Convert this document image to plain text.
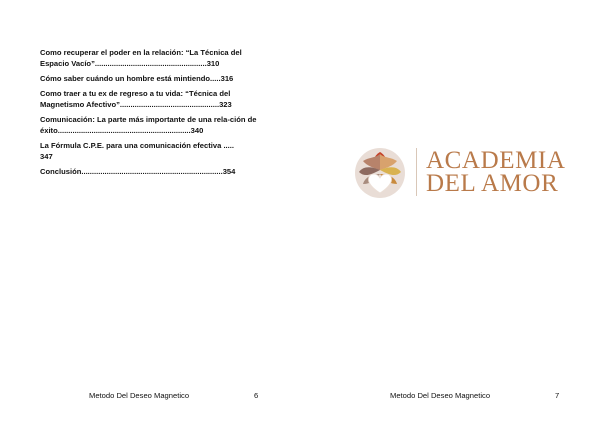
Como recuperar el poder en la relación: “La Técnica del Espacio Vacío”.....................................................310
Cómo saber cuándo un hombre está mintiendo.....316
Como traer a tu ex de regreso a tu vida: “Técnica del Magnetismo Afectivo”...............................................323
Comunicación: La parte más importante de una rela-ción de éxito...............................................................340
La Fórmula C.P.E. para una comunicación efectiva .....
347
Conclusión...................................................................354
Metodo Del Deseo Magnetico	6
ACADEMIA
DEL AMOR
Metodo Del Deseo Magnetico	7
